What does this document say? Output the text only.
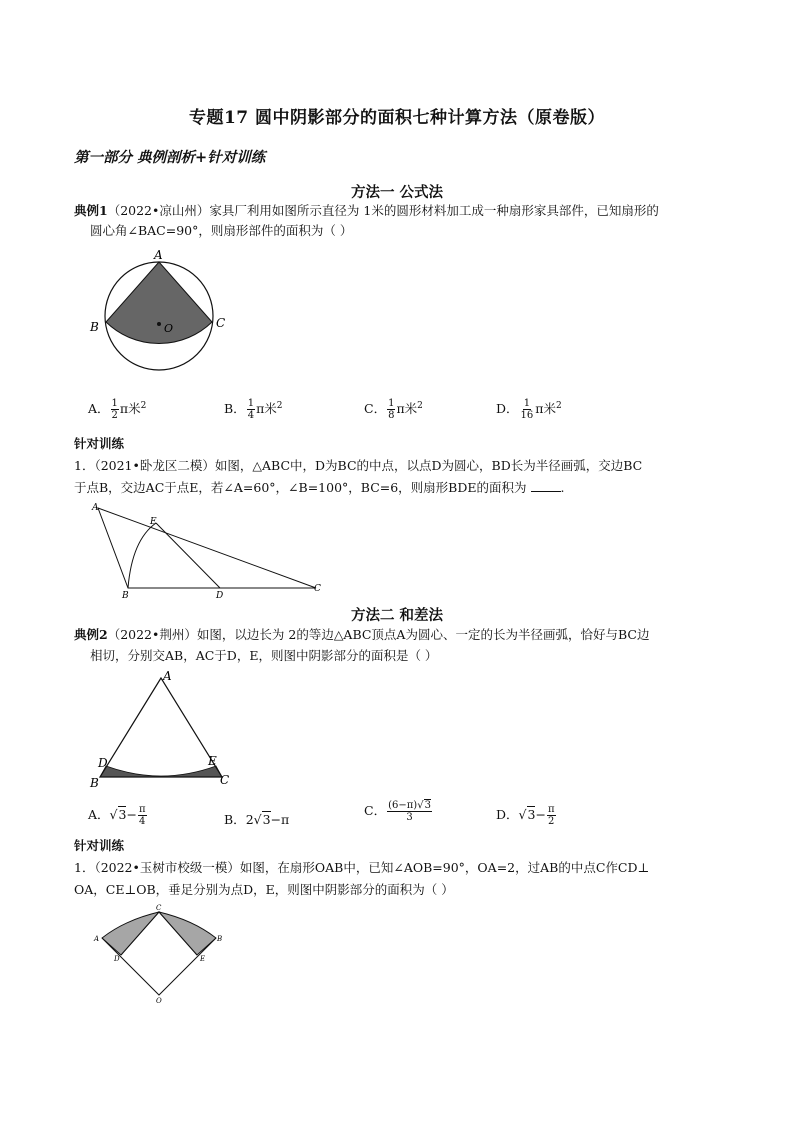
专题17 圆中阴影部分的面积七种计算方法（原卷版）
第一部分 典例剖析+针对训练
方法一 公式法
典例1（2022•凉山州）家具厂利用如图所示直径为 1米的圆形材料加工成一种扇形家具部件，已知扇形的
圆心角∠BAC=90°，则扇形部件的面积为（ ）
A
B	C
O
A． $\frac{1}{2}$ π米$^2$	B． $\frac{1}{4}$ π米$^2$	C． $\frac{1}{8}$ π米$^2$	D． $\frac{1}{16}$ π米$^2$
针对训练
1．（2021•卧龙区二模）如图，△ABC中，D为BC的中点，以点D为圆心，BD长为半径画弧，交边BC
于点B，交边AC于点E，若∠A=60°，∠B=100°，BC=6，则扇形BDE的面积为	.
A
B
C
D
E
方法二 和差法
典例2（2022•荆州）如图，以边长为 2的等边△ABC顶点A为圆心、一定的长为半径画弧，恰好与BC边
相切，分别交AB，AC于D，E，则图中阴影部分的面积是（ ）
A
B	C
D	E
A．$√3- \frac{\pi}{4}$	B．2√3−π
C． $\frac{(6-\pi)√3}{3}$	D．$√3- \frac{\pi}{2}$
针对训练
1．（2022•玉树市校级一模）如图，在扇形OAB中，已知∠AOB=90°，OA=2，过AB的中点C作CD⊥
OA，CE⊥OB，垂足分别为点D，E，则图中阴影部分的面积为（ ）
A	B
C
D	E
O
